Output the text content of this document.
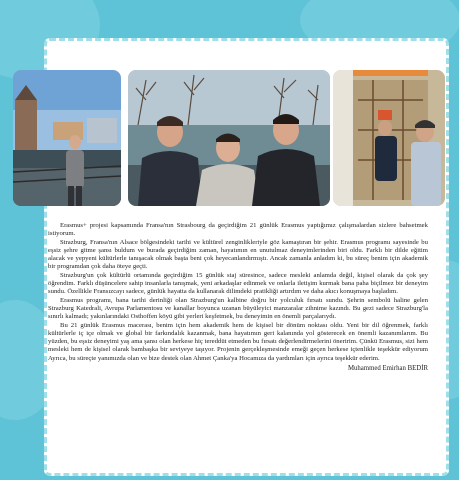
Erasmus+ projesi kapsamında Fransa'nın Strasbourg da geçirdiğim 21 günlük Erasmus yaptığımız çalışmalardan sizlere bahsetmek istiyorum.

Strazburg, Fransa'nın Alsace bölgesindeki tarihi ve kültürel zenginlikleriyle göz kamaştıran bir şehir. Erasmus programı sayesinde bu eşsiz şehre gitme şansı buldum ve burada geçirdiğim zaman, hayatımın en unutulmaz deneyimlerinden biri oldu. Farklı bir dilde eğitim alacak ve yepyeni kültürlerle tanışacak olmak başta beni çok heyecanlandırmıştı. Ancak zamanla anladım ki, bu süreç benim için akademik bir programdan çok daha öteye geçti.

Strazburg'un çok kültürlü ortamında geçirdiğim 15 günlük staj süresince, sadece mesleki anlamda değil, kişisel olarak da çok şey öğrendim. Farklı düşüncelere sahip insanlarla tanışmak, yeni arkadaşlar edinmek ve onlarla iletişim kurmak bana paha biçilmez bir deneyim sundu. Özellikle Fransızcayı sadece, günlük hayatta da kullanarak dilimdeki pratikliği artırdım ve daha akıcı konuşmaya başladım.

Erasmus programı, bana tarihi derinliği olan Strazburg'un kalbine doğru bir yolculuk fırsatı sundu. Şehrin sembolü haline gelen Strazburg Katedrali, Avrupa Parlamentosu ve kanallar boyunca uzanan büyüleyici manzaralar zihnime kazındı. Bu gezi sadece Strazburg'la sınırlı kalmadı; yakınlarındaki Osthoffen köyü gibi yerleri keşfetmek, bu deneyimin en önemli parçalarıydı.

Bu 21 günlük Erasmus macerası, benim için hem akademik hem de kişisel bir dönüm noktası oldu. Yeni bir dil öğrenmek, farklı kültürlerle iç içe olmak ve global bir farkındalık kazanmak, bana hayatımın geri kalanında yol gösterecek en önemli kazanımlarım. Bu yüzden, bu eşsiz deneyimi yaş ama şansı olan herkese hiç tereddüt etmeden bu fırsatı değerlendirmelerini öneririm. Çünkü Erasmus, sizi hem mesleki hem de kişisel olarak bambaşka bir seviyeye taşıyor. Projenin gerçekleşmesinde emeği geçen herkese içtenlikle teşekkür ediyorum Ayrıca, bu süreçte yanımızda olan ve bize destek olan Ahmet Çanka'ya Hocamıza da yardımları için ayrıca teşekkür ederim.

Muhammed Emirhan BEDİR
